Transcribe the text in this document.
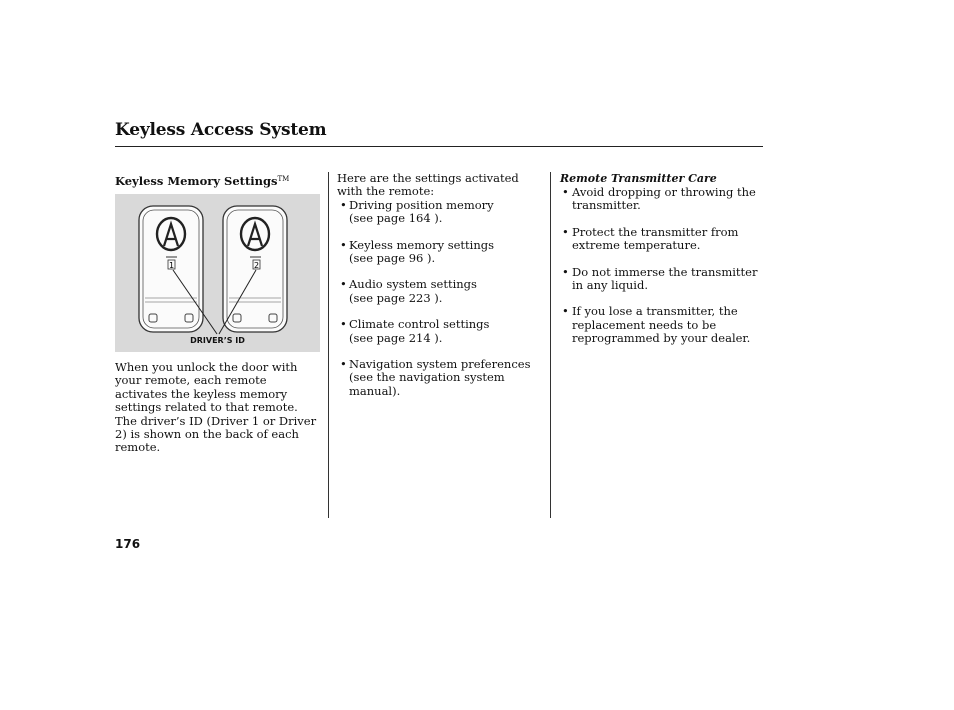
Keyless Access System
Keyless Memory Settings™
1	2
DRIVER’S ID
When you unlock the door with your remote, each remote activates the keyless memory settings related to that remote. The driver’s ID (Driver 1 or Driver 2) is shown on the back of each remote.
Here are the settings activated with the remote:
• Driving position memory
(see page 164 ).
• Keyless memory settings
(see page 96 ).
• Audio system settings
(see page 223 ).
• Climate control settings
(see page 214 ).
• Navigation system preferences
(see the navigation system manual).
Remote Transmitter Care
• Avoid dropping or throwing the transmitter.
• Protect the transmitter from extreme temperature.
• Do not immerse the transmitter in any liquid.
• If you lose a transmitter, the replacement needs to be reprogrammed by your dealer.
176
